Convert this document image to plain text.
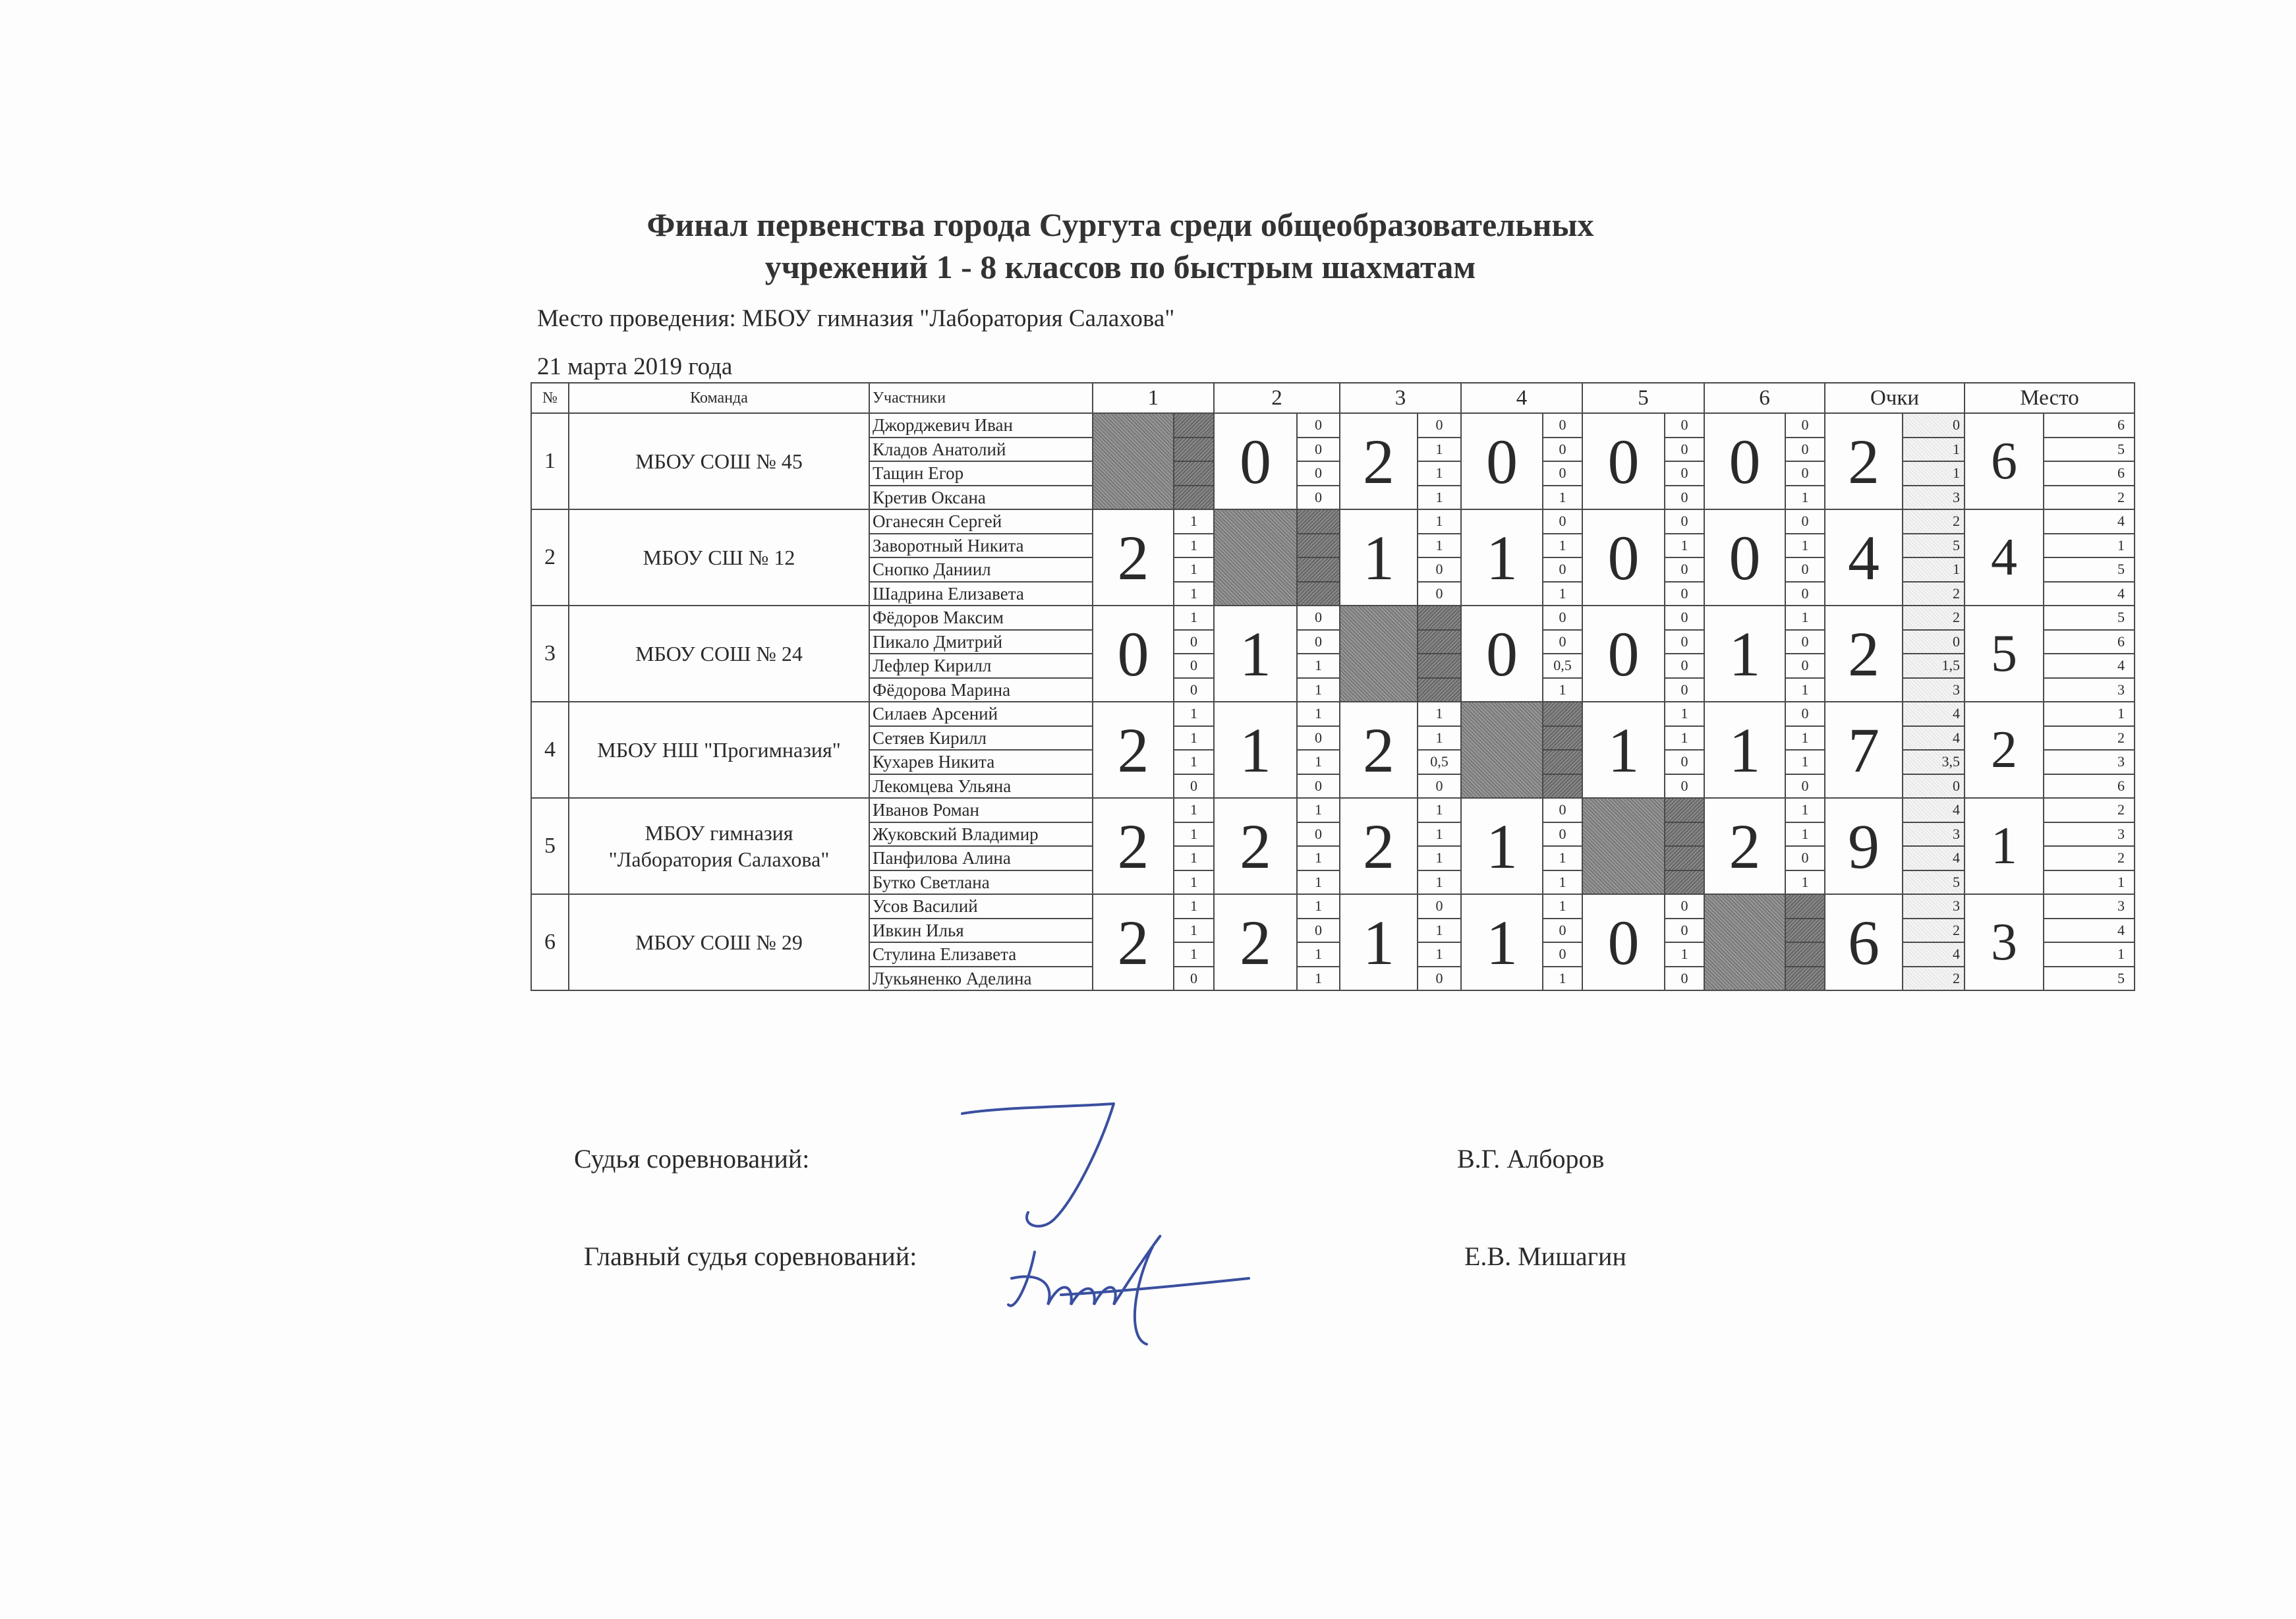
Финал первенства города Сургута среди общеобразовательных
учрежений 1 - 8 классов по быстрым шахматам
Место проведения: МБОУ гимназия "Лаборатория Салахова"
21 марта 2019 года
№	Команда	Участники	1		2		3		4		5		6		Очки		Место	
1	МБОУ СОШ № 45	Джорджевич Иван			0	0	2	0	0	0	0	0	0	0	2	0	6	6
		Кладов Анатолий				0		1		0		0		0		1		5
		Тащин Егор				0		1		0		0		0		1		6
		Кретив Оксана				0		1		1		0		1		3		2
2	МБОУ СШ № 12	Оганесян Сергей	2	1			1	1	1	0	0	0	0	0	4	2	4	4
		Заворотный Никита		1				1		1		1		1		5		1
		Снопко Даниил		1				0		0		0		0		1		5
		Шадрина Елизавета		1				0		1		0		0		2		4
3	МБОУ СОШ № 24	Фёдоров Максим	0	1	1	0			0	0	0	0	1	1	2	2	5	5
		Пикало Дмитрий		0		0				0		0		0		0		6
		Лефлер Кирилл		0		1				0,5		0		0		1,5		4
		Фёдорова Марина		0		1				1		0		1		3		3
4	МБОУ НШ "Прогимназия"	Силаев Арсений	2	1	1	1	2	1			1	1	1	0	7	4	2	1
		Сетяев Кирилл		1		0		1				1		1		4		2
		Кухарев Никита		1		1		0,5				0		1		3,5		3
		Лекомцева Ульяна		0		0		0				0		0		0		6
5	МБОУ гимназия
"Лаборатория Салахова"	Иванов Роман	2	1	2	1	2	1	1	0			2	1	9	4	1	2
		Жуковский Владимир		1		0		1		0				1		3		3
		Панфилова Алина		1		1		1		1				0		4		2
		Бутко Светлана		1		1		1		1				1		5		1
6	МБОУ СОШ № 29	Усов Василий	2	1	2	1	1	0	1	1	0	0			6	3	3	3
		Ивкин Илья		1		0		1		0		0				2		4
		Стулина Елизавета		1		1		1		0		1				4		1
		Лукьяненко Аделина		0		1		0		1		0				2		5
Судья соревнований:	В.Г. Алборов
Главный судья соревнований:	Е.В. Мишагин
